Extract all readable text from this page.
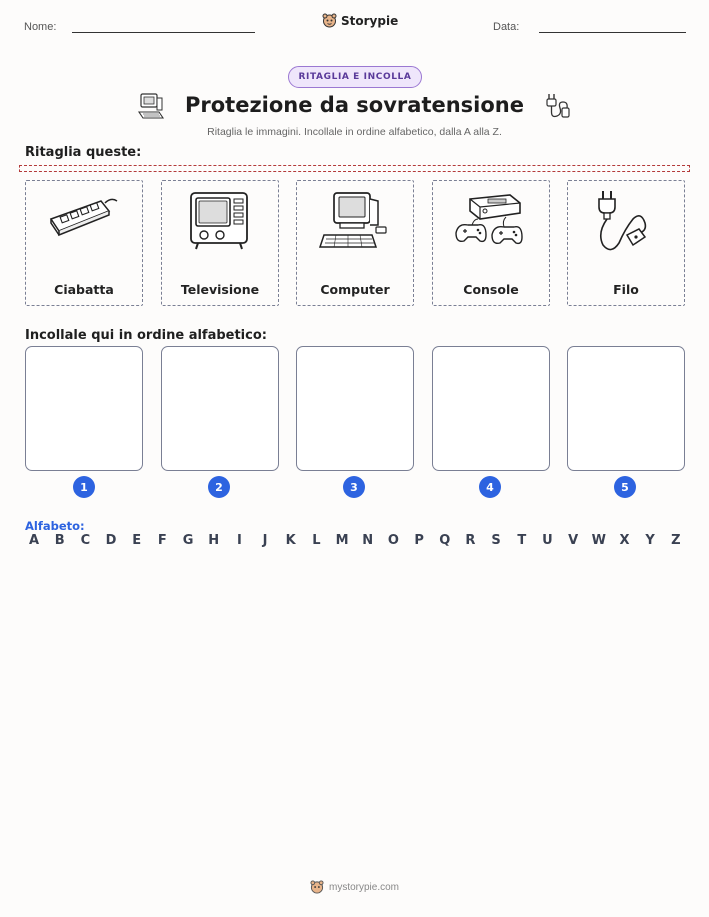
Nome:	Storypie	Data:
RITAGLIA E INCOLLA
Protezione da sovratensione
Ritaglia le immagini. Incollale in ordine alfabetico, dalla A alla Z.
Ritaglia queste:
Ciabatta	Televisione	Computer	Console	Filo
Incollale qui in ordine alfabetico:
1	2	3	4	5
Alfabeto:
A	B	C	D	E	F	G H	I	J	K	L	M N O	P	Q	R	S	T	U	V	W	X	Y	Z
mystorypie.com
